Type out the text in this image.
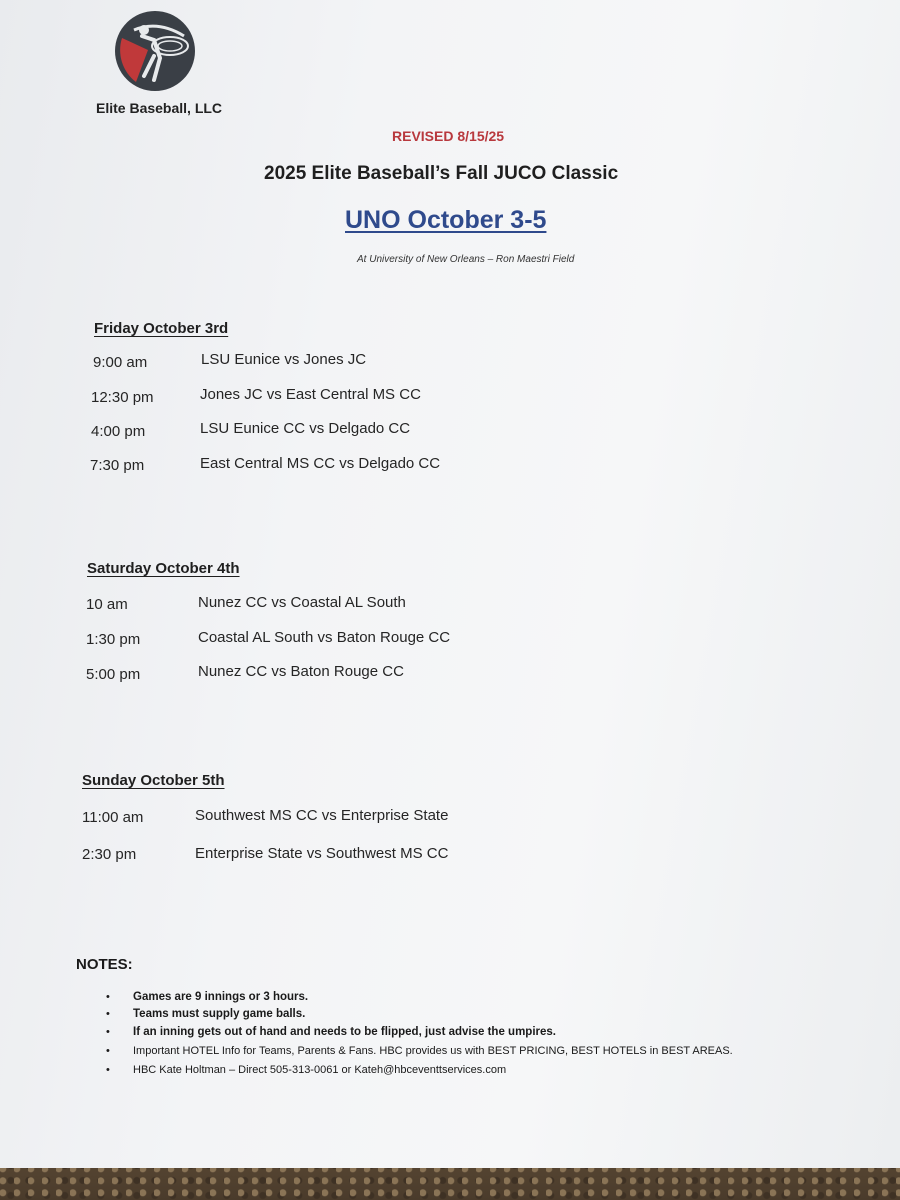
Elite Baseball, LLC
REVISED 8/15/25
2025 Elite Baseball’s Fall JUCO Classic
UNO October 3-5
At University of New Orleans – Ron Maestri Field
Friday October 3rd
9:00 am	LSU Eunice vs Jones JC
12:30 pm	Jones JC vs East Central MS CC
4:00 pm	LSU Eunice CC vs Delgado CC
7:30 pm	East Central MS CC vs Delgado CC
Saturday October 4th
10 am	Nunez CC vs Coastal AL South
1:30 pm	Coastal AL South vs Baton Rouge CC
5:00 pm	Nunez CC vs Baton Rouge CC
Sunday October 5th
11:00 am	Southwest MS CC vs Enterprise State
2:30 pm	Enterprise State vs Southwest MS CC
NOTES:
• Games are 9 innings or 3 hours.
• Teams must supply game balls.
• If an inning gets out of hand and needs to be flipped, just advise the umpires.
• Important HOTEL Info for Teams, Parents & Fans. HBC provides us with BEST PRICING, BEST HOTELS in BEST AREAS.
• HBC Kate Holtman – Direct 505-313-0061 or Kateh@hbceventtservices.com
